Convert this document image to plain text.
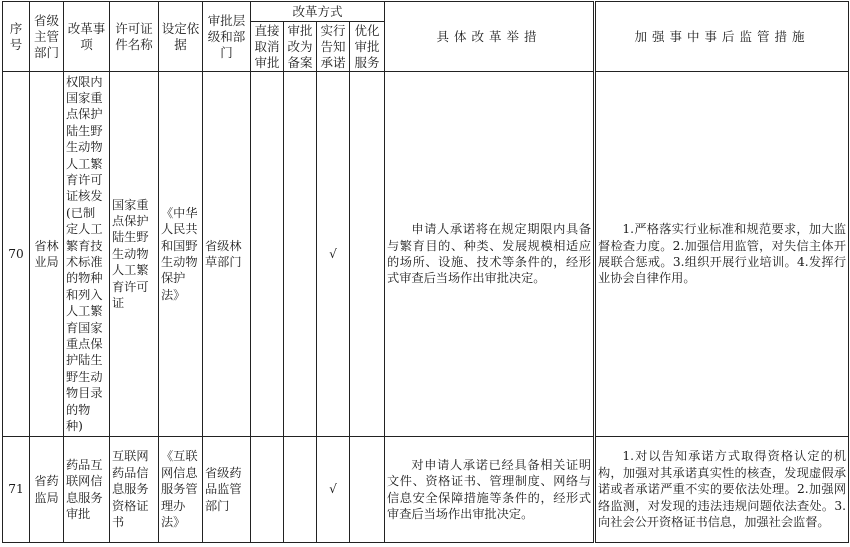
序号	省级主管部门	改革事项	许可证件名称	设定依据	审批层级和部门	改革方式				具体改革举措	加强事中事后监管措施
						直接取消审批	审批改为备案	实行告知承诺	优化审批服务		
70	省林业局	权限内国家重点保护陆生野生动物人工繁育许可证核发(已制定人工繁育技术标准的物种和列入人工繁育国家重点保护陆生野生动物目录的物种)	国家重点保护陆生野生动物人工繁育许可证	《中华人民共和国野生动物保护法》	省级林草部门			√		申请人承诺将在规定期限内具备与繁育目的、种类、发展规模相适应的场所、设施、技术等条件的，经形式审查后当场作出审批决定。	1.严格落实行业标准和规范要求，加大监督检查力度。2.加强信用监管，对失信主体开展联合惩戒。3.组织开展行业培训。4.发挥行业协会自律作用。
71	省药监局	药品互联网信息服务审批	互联网药品信息服务资格证书	《互联网信息服务管理办法》	省级药品监管部门			√		对申请人承诺已经具备相关证明文件、资格证书、管理制度、网络与信息安全保障措施等条件的，经形式审查后当场作出审批决定。	1.对以告知承诺方式取得资格认定的机构，加强对其承诺真实性的核查，发现虚假承诺或者承诺严重不实的要依法处理。2.加强网络监测，对发现的违法违规问题依法查处。3.向社会公开资格证书信息，加强社会监督。
